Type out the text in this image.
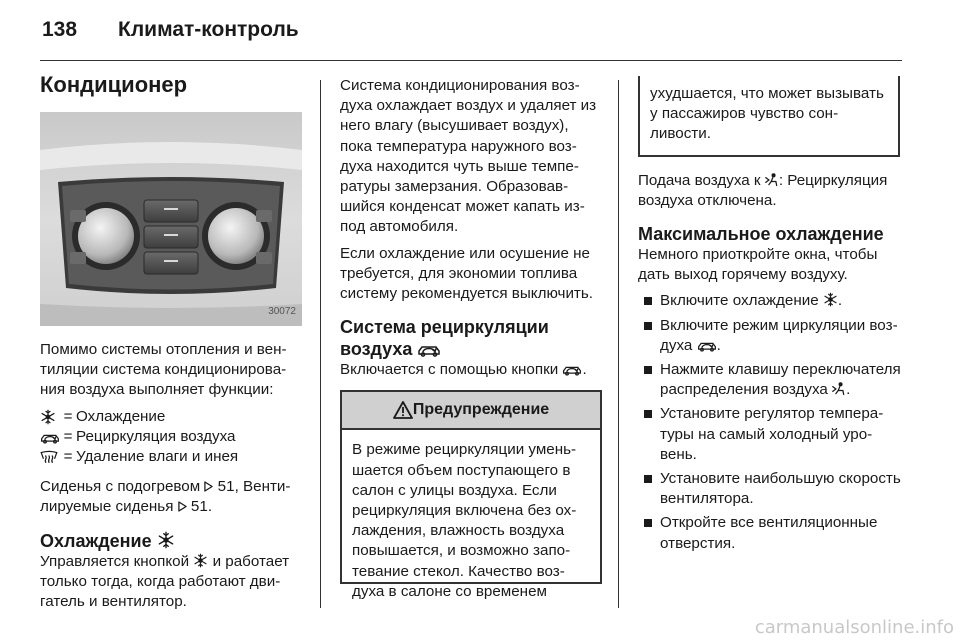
138 Климат-контроль
Кондиционер
30072

Помимо системы отопления и вентиляции система кондиционирования воздуха выполняет функции:

= Охлаждение
= Рециркуляция воздуха
= Удаление влаги и инея

Сиденья с подогревом 51, Вентилируемые сиденья 51.

Охлаждение

Управляется кнопкой и работает только тогда, когда работают двигатель и вентилятор.

Система кондиционирования воздуха охлаждает воздух и удаляет из него влагу (высушивает воздух), пока температура наружного воздуха находится чуть выше температуры замерзания. Образовавшийся конденсат может капать из-под автомобиля.

Если охлаждение или осушение не требуется, для экономии топлива систему рекомендуется выключить.

Система рециркуляции
воздуха

Включается с помощью кнопки .

Предупреждение
В режиме рециркуляции уменьшается объем поступающего в салон с улицы воздуха. Если рециркуляция включена без охлаждения, влажность воздуха повышается, и возможно запотевание стекол. Качество воздуха в салоне со временем
ухудшается, что может вызывать у пассажиров чувство сонливости.

Подача воздуха к : Рециркуляция воздуха отключена.

Максимальное охлаждение

Немного приоткройте окна, чтобы дать выход горячему воздуху.

Включите охлаждение .
Включите режим циркуляции воздуха .
Нажмите клавишу переключателя распределения воздуха .
Установите регулятор температуры на самый холодный уровень.
Установите наибольшую скорость вентилятора.
Откройте все вентиляционные отверстия.
carmanualsonline.info
